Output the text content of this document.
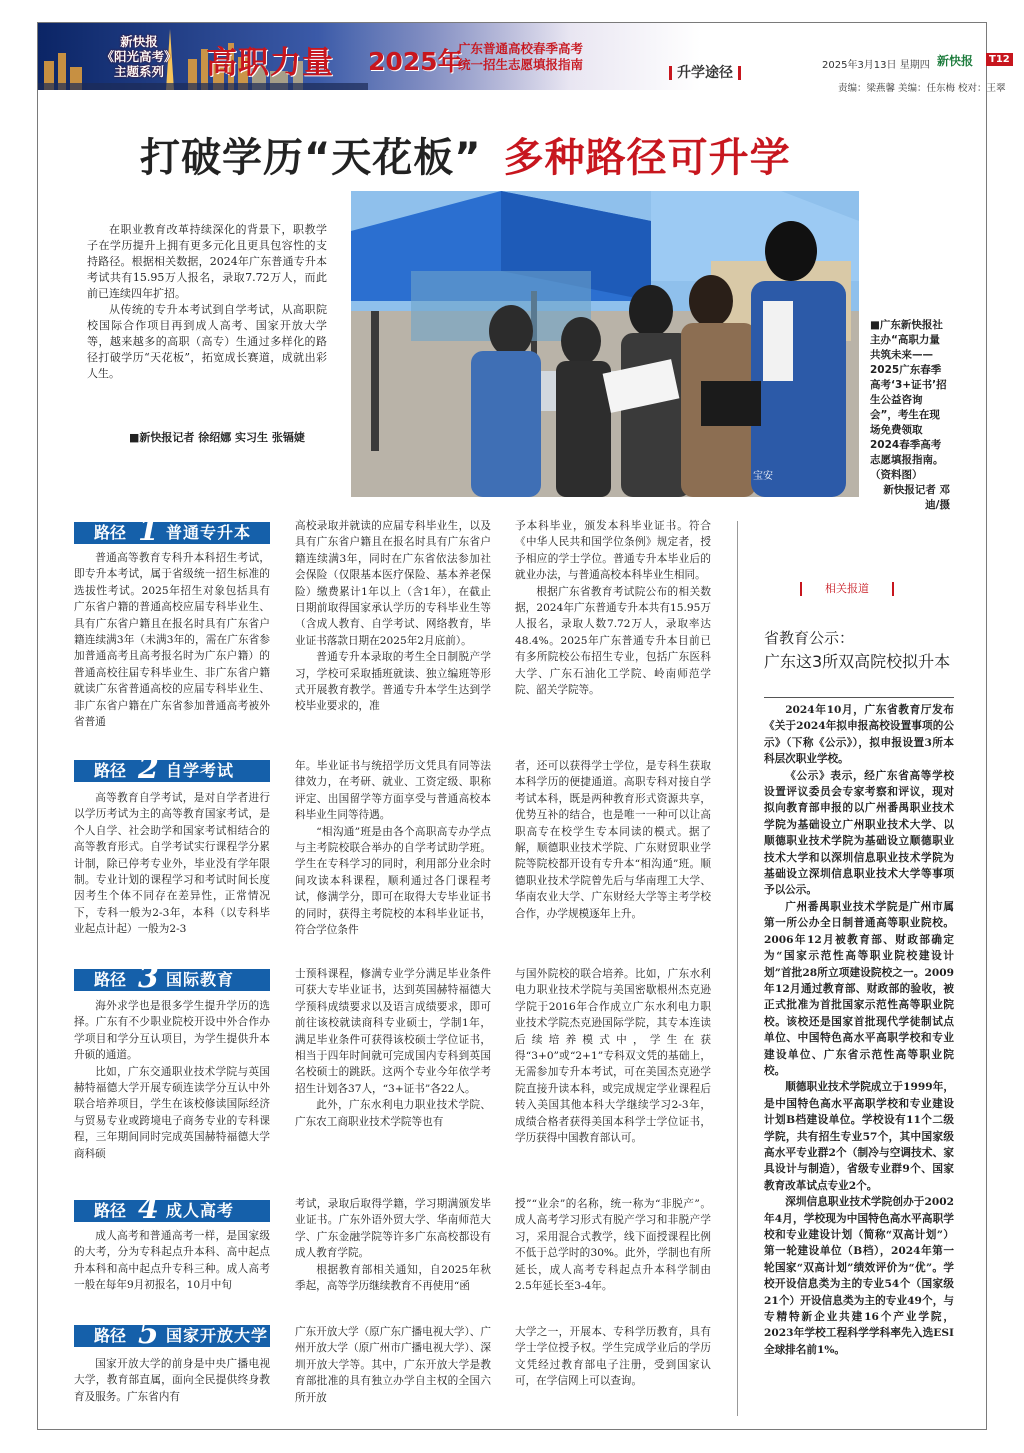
新快报
《阳光高考》
主题系列	高职力量 2025年
广东普通高校春季高考
统一招生志愿填报指南
升学途径	2025年3月13日 星期四 新快报	T12
责编：梁燕馨 美编：任东梅 校对：王翠
打破学历“天花板” 多种路径可升学

在职业教育改革持续深化的背景下，职教学子在学历提升上拥有更多元化且更具包容性的支持路径。根据相关数据，2024年广东普通专升本考试共有15.95万人报名，录取7.72万人，而此前已连续四年扩招。

从传统的专升本考试到自学考试，从高职院校国际合作项目再到成人高考、国家开放大学等，越来越多的高职（高专）生通过多样化的路径打破学历“天花板”，拓宽成长赛道，成就出彩人生。

■新快报记者 徐绍娜 实习生 张镉婕
宝安
■广东新快报社主办“高职力量 共筑未来——2025广东春季高考‘3+证书’招生公益咨询会”，考生在现场免费领取2024春季高考志愿填报指南。（资料图）
新快报记者 邓迪/摄
路径 1 普通专升本

普通高等教育专科升本科招生考试，即专升本考试，属于省级统一招生标准的选拔性考试。2025年招生对象包括具有广东省户籍的普通高校应届专科毕业生、具有广东省户籍且在报名时具有广东省户籍连续满3年（未满3年的，需在广东省参加普通高考且高考报名时为广东户籍）的普通高校往届专科毕业生、非广东省户籍就读广东省普通高校的应届专科毕业生、非广东省户籍在广东省参加普通高考被外省普通

高校录取并就读的应届专科毕业生，以及具有广东省户籍且在报名时具有广东省户籍连续满3年，同时在广东省依法参加社会保险（仅限基本医疗保险、基本养老保险）缴费累计1年以上（含1年），在截止日期前取得国家承认学历的专科毕业生等（含成人教育、自学考试、网络教育，毕业证书落款日期在2025年2月底前）。

普通专升本录取的考生全日制脱产学习，学校可采取插班就读、独立编班等形式开展教育教学。普通专升本学生达到学校毕业要求的，准

予本科毕业，颁发本科毕业证书。符合《中华人民共和国学位条例》规定者，授予相应的学士学位。普通专升本毕业后的就业办法，与普通高校本科毕业生相同。

根据广东省教育考试院公布的相关数据，2024年广东普通专升本共有15.95万人报名，录取人数7.72万人，录取率达48.4%。2025年广东普通专升本目前已有多所院校公布招生专业，包括广东医科大学、广东石油化工学院、岭南师范学院、韶关学院等。

路径 2 自学考试

高等教育自学考试，是对自学者进行以学历考试为主的高等教育国家考试，是个人自学、社会助学和国家考试相结合的高等教育形式。自学考试实行课程学分累计制，除已停考专业外，毕业没有学年限制。专业计划的课程学习和考试时间长度因考生个体不同存在差异性，正常情况下，专科一般为2-3年，本科（以专科毕业起点计起）一般为2-3

年。毕业证书与统招学历文凭具有同等法律效力，在考研、就业、工资定级、职称评定、出国留学等方面享受与普通高校本科毕业生同等待遇。

“相沟通”班是由各个高职高专办学点与主考院校联合举办的自学考试助学班。学生在专科学习的同时，利用部分业余时间攻读本科课程，顺利通过各门课程考试，修满学分，即可在取得大专毕业证书的同时，获得主考院校的本科毕业证书，符合学位条件

者，还可以获得学士学位，是专科生获取本科学历的便捷通道。高职专科对接自学考试本科，既是两种教育形式资源共享，优势互补的结合，也是唯一一种可以让高职高专在校学生专本同读的模式。据了解，顺德职业技术学院、广东财贸职业学院等院校都开设有专升本“相沟通”班。顺德职业技术学院曾先后与华南理工大学、华南农业大学、广东财经大学等主考学校合作，办学规模逐年上升。

路径 3 国际教育

海外求学也是很多学生提升学历的选择。广东有不少职业院校开设中外合作办学项目和学分互认项目，为学生提供升本升硕的通道。

比如，广东交通职业技术学院与英国赫特福德大学开展专硕连读学分互认中外联合培养项目，学生在该校修读国际经济与贸易专业或跨境电子商务专业的专科课程，三年期间同时完成英国赫特福德大学商科硕

士预科课程，修满专业学分满足毕业条件可获大专毕业证书，达到英国赫特福德大学预科成绩要求以及语言成绩要求，即可前往该校就读商科专业硕士，学制1年，满足毕业条件可获得该校硕士学位证书，相当于四年时间就可完成国内专科到英国名校硕士的跳跃。这两个专业今年依学考招生计划各37人，“3+证书”各22人。

此外，广东水利电力职业技术学院、广东农工商职业技术学院等也有

与国外院校的联合培养。比如，广东水利电力职业技术学院与美国密歇根州杰克逊学院于2016年合作成立广东水利电力职业技术学院杰克逊国际学院，其专本连读后续培养模式中，学生在获得“3+0”或“2+1”专科双文凭的基础上，无需参加专升本考试，可在美国杰克逊学院直接升读本科，或完成规定学业课程后转入美国其他本科大学继续学习2-3年，成绩合格者获得美国本科学士学位证书，学历获得中国教育部认可。

路径 4 成人高考

成人高考和普通高考一样，是国家级的大考，分为专科起点升本科、高中起点升本科和高中起点升专科三种。成人高考一般在每年9月初报名，10月中旬

考试，录取后取得学籍，学习期满颁发毕业证书。广东外语外贸大学、华南师范大学、广东金融学院等许多广东高校都设有成人教育学院。

根据教育部相关通知，自2025年秋季起，高等学历继续教育不再使用“函

授”“业余”的名称，统一称为“非脱产”。成人高考学习形式有脱产学习和非脱产学习，采用混合式教学，线下面授课程比例不低于总学时的30%。此外，学制也有所延长，成人高考专科起点升本科学制由2.5年延长至3-4年。

路径 5 国家开放大学

国家开放大学的前身是中央广播电视大学，教育部直属，面向全民提供终身教育及服务。广东省内有

广东开放大学（原广东广播电视大学）、广州开放大学（原广州市广播电视大学）、深圳开放大学等。其中，广东开放大学是教育部批准的具有独立办学自主权的全国六所开放

大学之一，开展本、专科学历教育，具有学士学位授予权。学生完成学业后的学历文凭经过教育部电子注册，受到国家认可，在学信网上可以查询。

相关报道
省教育公示：
广东这3所双高院校拟升本

2024年10月，广东省教育厅发布《关于2024年拟申报高校设置事项的公示》（下称《公示》），拟申报设置3所本科层次职业学校。

《公示》表示，经广东省高等学校设置评议委员会专家考察和评议，现对拟向教育部申报的以广州番禺职业技术学院为基础设立广州职业技术大学、以顺德职业技术学院为基础设立顺德职业技术大学和以深圳信息职业技术学院为基础设立深圳信息职业技术大学等事项予以公示。

广州番禺职业技术学院是广州市属第一所公办全日制普通高等职业院校。2006年12月被教育部、财政部确定为“国家示范性高等职业院校建设计划”首批28所立项建设院校之一。2009年12月通过教育部、财政部的验收，被正式批准为首批国家示范性高等职业院校。该校还是国家首批现代学徒制试点单位、中国特色高水平高职学校和专业建设单位、广东省示范性高等职业院校。

顺德职业技术学院成立于1999年，是中国特色高水平高职学校和专业建设计划B档建设单位。学校设有11个二级学院，共有招生专业57个，其中国家级高水平专业群2个（制冷与空调技术、家具设计与制造），省级专业群9个、国家教育改革试点专业2个。

深圳信息职业技术学院创办于2002年4月，学校现为中国特色高水平高职学校和专业建设计划（简称“双高计划”）第一轮建设单位（B档），2024年第一轮国家“双高计划”绩效评价为“优”。学校开设信息类为主的专业54个（国家级21个）开设信息类为主的专业49个，与专精特新企业共建16个产业学院，2023年学校工程科学学科率先入选ESI全球排名前1%。
